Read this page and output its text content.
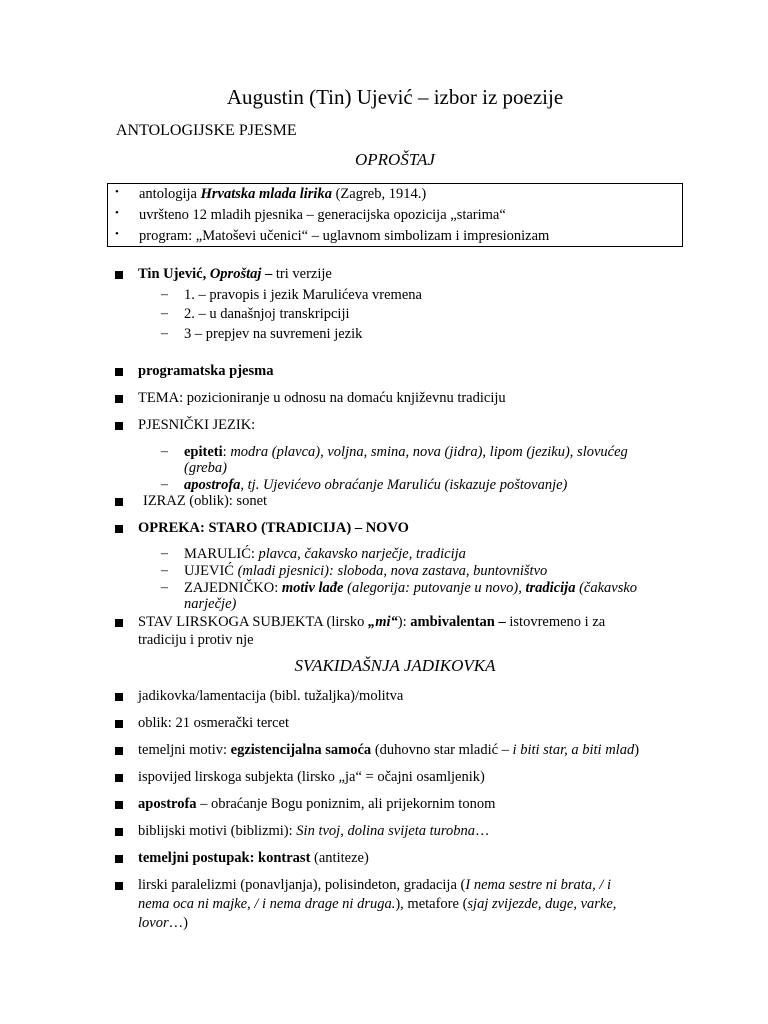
Augustin (Tin) Ujević – izbor iz poezije
ANTOLOGIJSKE PJESME
OPROŠTAJ
• antologija Hrvatska mlada lirika (Zagreb, 1914.)
• uvršteno 12 mladih pjesnika – generacijska opozicija „starima“
• program: „Matoševi učenici“ – uglavnom simbolizam i impresionizam
Tin Ujević, Oproštaj – tri verzije
– 1. – pravopis i jezik Marulićeva vremena
– 2. – u današnjoj transkripciji
– 3 – prepjev na suvremeni jezik
programatska pjesma
TEMA: pozicioniranje u odnosu na domaću književnu tradiciju
PJESNIČKI JEZIK:
– epiteti: modra (plavca), voljna, smina, nova (jidra), lipom (jeziku), slovućeg
(greba)
– apostrofa, tj. Ujevićevo obraćanje Maruliću (iskazuje poštovanje)
IZRAZ (oblik): sonet
OPREKA: STARO (TRADICIJA) – NOVO
– MARULIĆ: plavca, čakavsko narječje, tradicija
– UJEVIĆ (mladi pjesnici): sloboda, nova zastava, buntovništvo
– ZAJEDNIČKO: motiv lađe (alegorija: putovanje u novo), tradicija (čakavsko
narječje)
STAV LIRSKOGA SUBJEKTA (lirsko „mi“): ambivalentan – istovremeno i za
tradiciju i protiv nje
SVAKIDAŠNJA JADIKOVKA
jadikovka/lamentacija (bibl. tužaljka)/molitva
oblik: 21 osmerački tercet
temeljni motiv: egzistencijalna samoća (duhovno star mladić – i biti star, a biti mlad)
ispovijed lirskoga subjekta (lirsko „ja“ = očajni osamljenik)
apostrofa – obraćanje Bogu poniznim, ali prijekornim tonom
biblijski motivi (biblizmi): Sin tvoj, dolina svijeta turobna…
temeljni postupak: kontrast (antiteze)
lirski paralelizmi (ponavljanja), polisindeton, gradacija (I nema sestre ni brata, / i
nema oca ni majke, / i nema drage ni druga.), metafore (sjaj zvijezde, duge, varke,
lovor…)
